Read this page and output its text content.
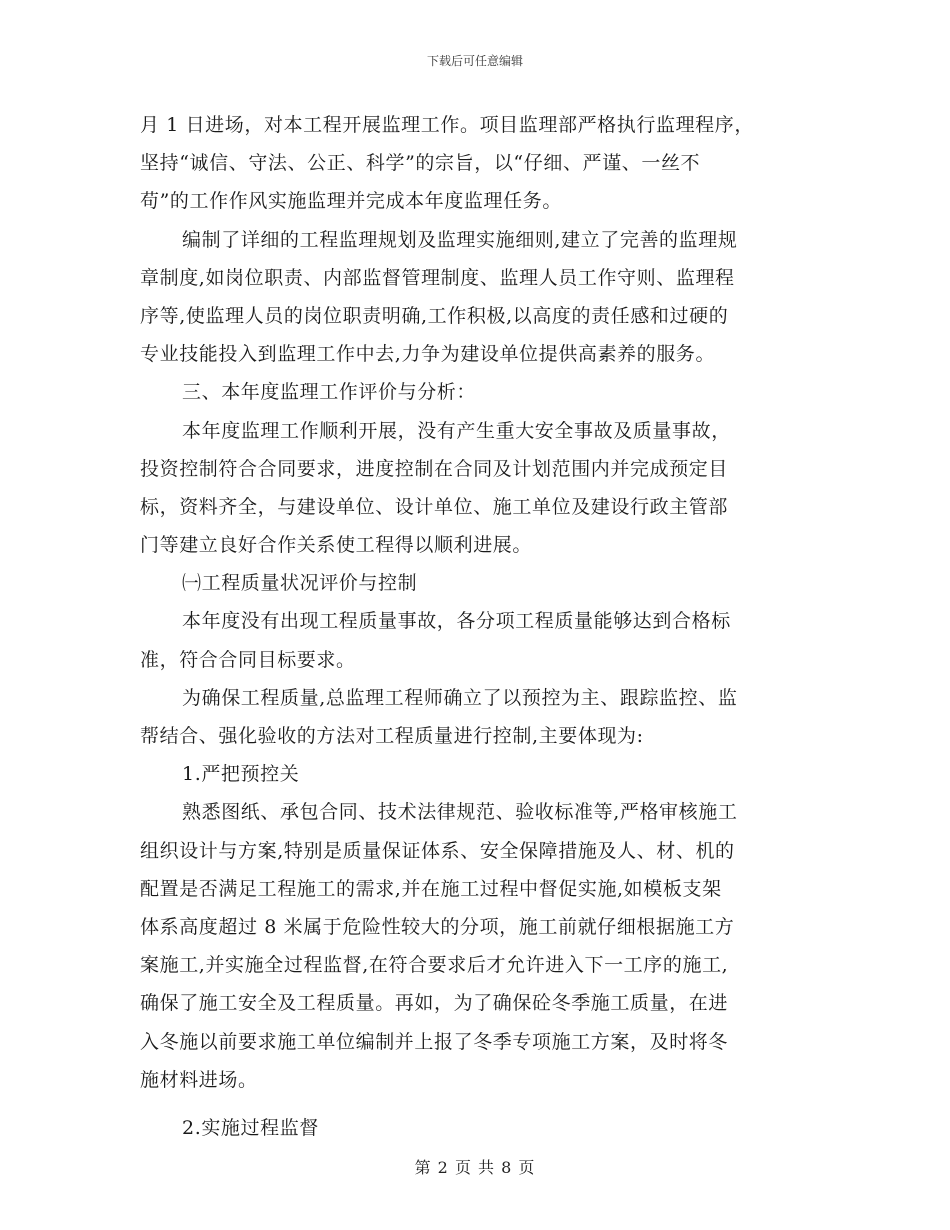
下载后可任意编辑
月 1 日进场，对本工程开展监理工作。项目监理部严格执行监理程序，
坚持“诚信、守法、公正、科学”的宗旨，以“仔细、严谨、一丝不
苟”的工作作风实施监理并完成本年度监理任务。
编制了详细的工程监理规划及监理实施细则,建立了完善的监理规
章制度,如岗位职责、内部监督管理制度、监理人员工作守则、监理程
序等,使监理人员的岗位职责明确,工作积极,以高度的责任感和过硬的
专业技能投入到监理工作中去,力争为建设单位提供高素养的服务。
三、本年度监理工作评价与分析：
本年度监理工作顺利开展，没有产生重大安全事故及质量事故，
投资控制符合合同要求，进度控制在合同及计划范围内并完成预定目
标，资料齐全，与建设单位、设计单位、施工单位及建设行政主管部
门等建立良好合作关系使工程得以顺利进展。
㈠工程质量状况评价与控制
本年度没有出现工程质量事故，各分项工程质量能够达到合格标
准，符合合同目标要求。
为确保工程质量,总监理工程师确立了以预控为主、跟踪监控、监
帮结合、强化验收的方法对工程质量进行控制,主要体现为:
1.严把预控关
熟悉图纸、承包合同、技术法律规范、验收标准等,严格审核施工
组织设计与方案,特别是质量保证体系、安全保障措施及人、材、机的
配置是否满足工程施工的需求,并在施工过程中督促实施,如模板支架
体系高度超过 8 米属于危险性较大的分项，施工前就仔细根据施工方
案施工,并实施全过程监督,在符合要求后才允许进入下一工序的施工,
确保了施工安全及工程质量。再如，为了确保砼冬季施工质量，在进
入冬施以前要求施工单位编制并上报了冬季专项施工方案，及时将冬
施材料进场。
2.实施过程监督
第 2 页 共 8 页
